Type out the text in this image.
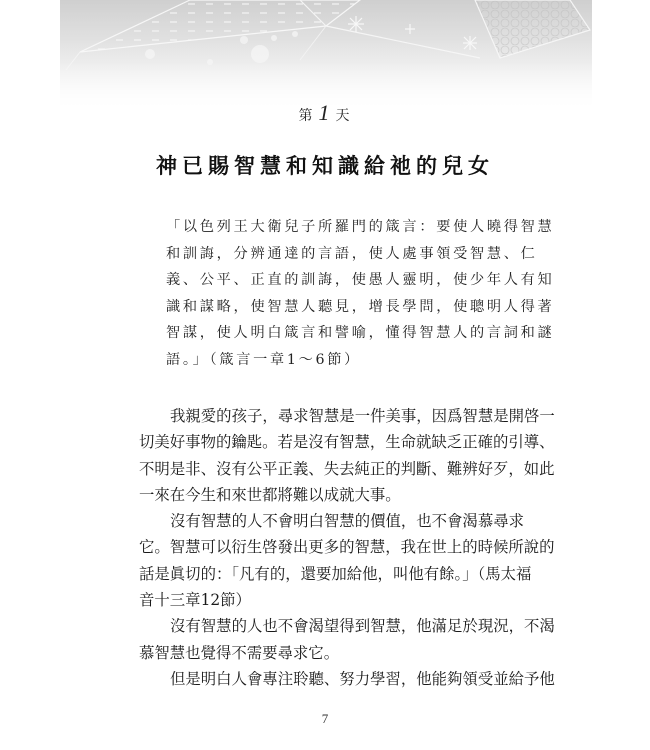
第 1 天
神已賜智慧和知識給祂的兒女
「以色列王大衛兒子所羅門的箴言：要使人曉得智慧
和訓誨，分辨通達的言語，使人處事領受智慧、仁
義、公平、正直的訓誨，使愚人靈明，使少年人有知
識和謀略，使智慧人聽見，增長學問，使聰明人得著
智謀，使人明白箴言和譬喻，懂得智慧人的言詞和謎
語。」（箴言一章1～6節）
我親愛的孩子，尋求智慧是一件美事，因爲智慧是開啓一
切美好事物的鑰匙。若是沒有智慧，生命就缺乏正確的引導、
不明是非、沒有公平正義、失去純正的判斷、難辨好歹，如此
一來在今生和來世都將難以成就大事。
沒有智慧的人不會明白智慧的價值，也不會渴慕尋求
它。智慧可以衍生啓發出更多的智慧，我在世上的時候所說的
話是眞切的：「凡有的，還要加給他，叫他有餘。」（馬太福
音十三章12節）
沒有智慧的人也不會渴望得到智慧，他滿足於現況，不渴
慕智慧也覺得不需要尋求它。
但是明白人會專注聆聽、努力學習，他能夠領受並給予他
7
